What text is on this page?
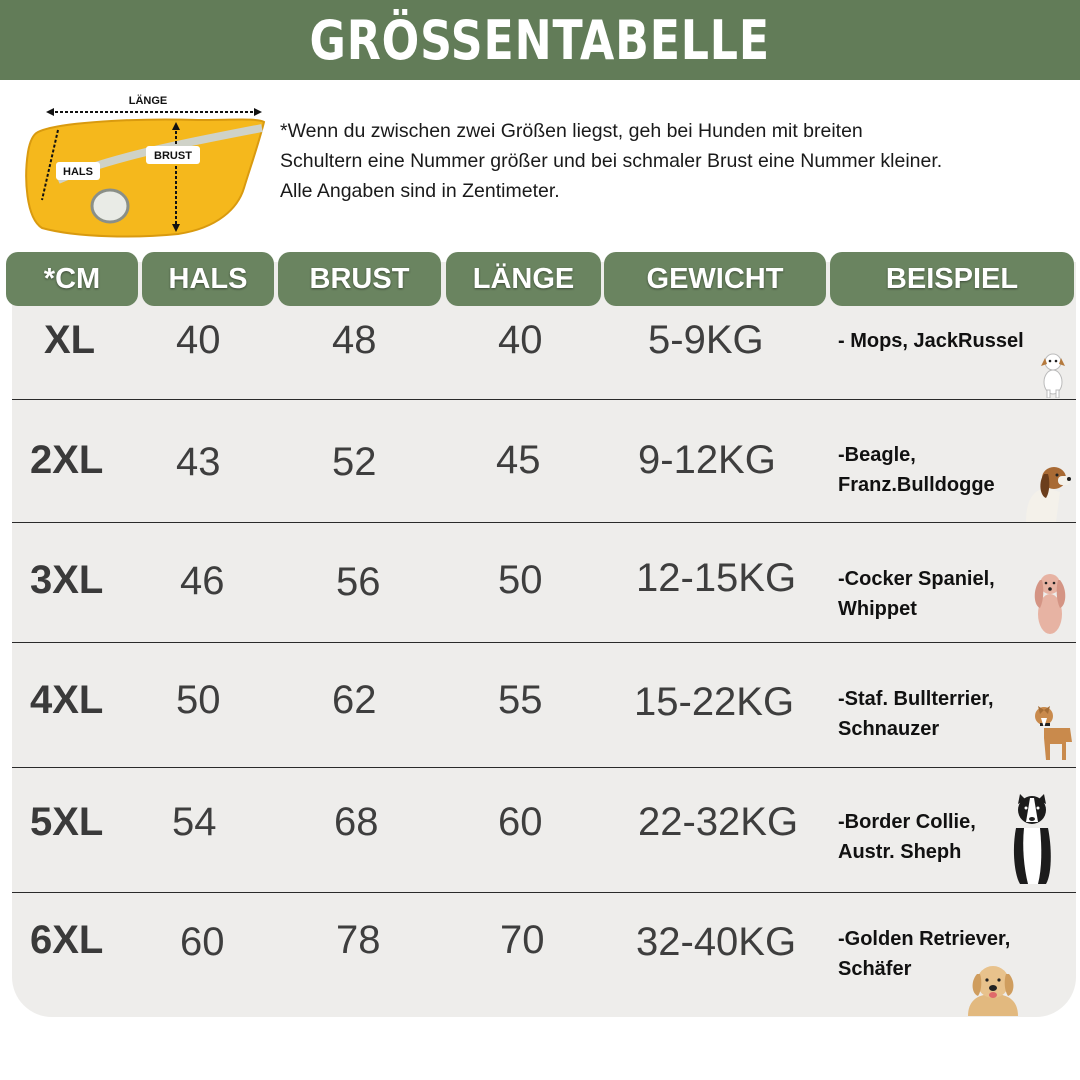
GRÖSSENTABELLE
LÄNGE
HALS
BRUST

*Wenn du zwischen zwei Größen liegst, geh bei Hunden mit breiten

Schultern eine Nummer größer und bei schmaler Brust eine Nummer kleiner.

Alle Angaben sind in Zentimeter.

*CM	HALS	BRUST	LÄNGE	GEWICHT	BEISPIEL
XL 40	48	40	5-9KG	- Mops, JackRussel
2XL 43	52	45 9-12KG	-Beagle,
Franz.Bulldogge
3XL 46	56	50 12-15KG -Cocker Spaniel,
Whippet
4XL 50	62	55 15-22KG -Staf. Bullterrier,
Schnauzer
5XL 54	68	60 22-32KG -Border Collie,
Austr. Sheph
6XL 60	78	70 32-40KG -Golden Retriever,
Schäfer
